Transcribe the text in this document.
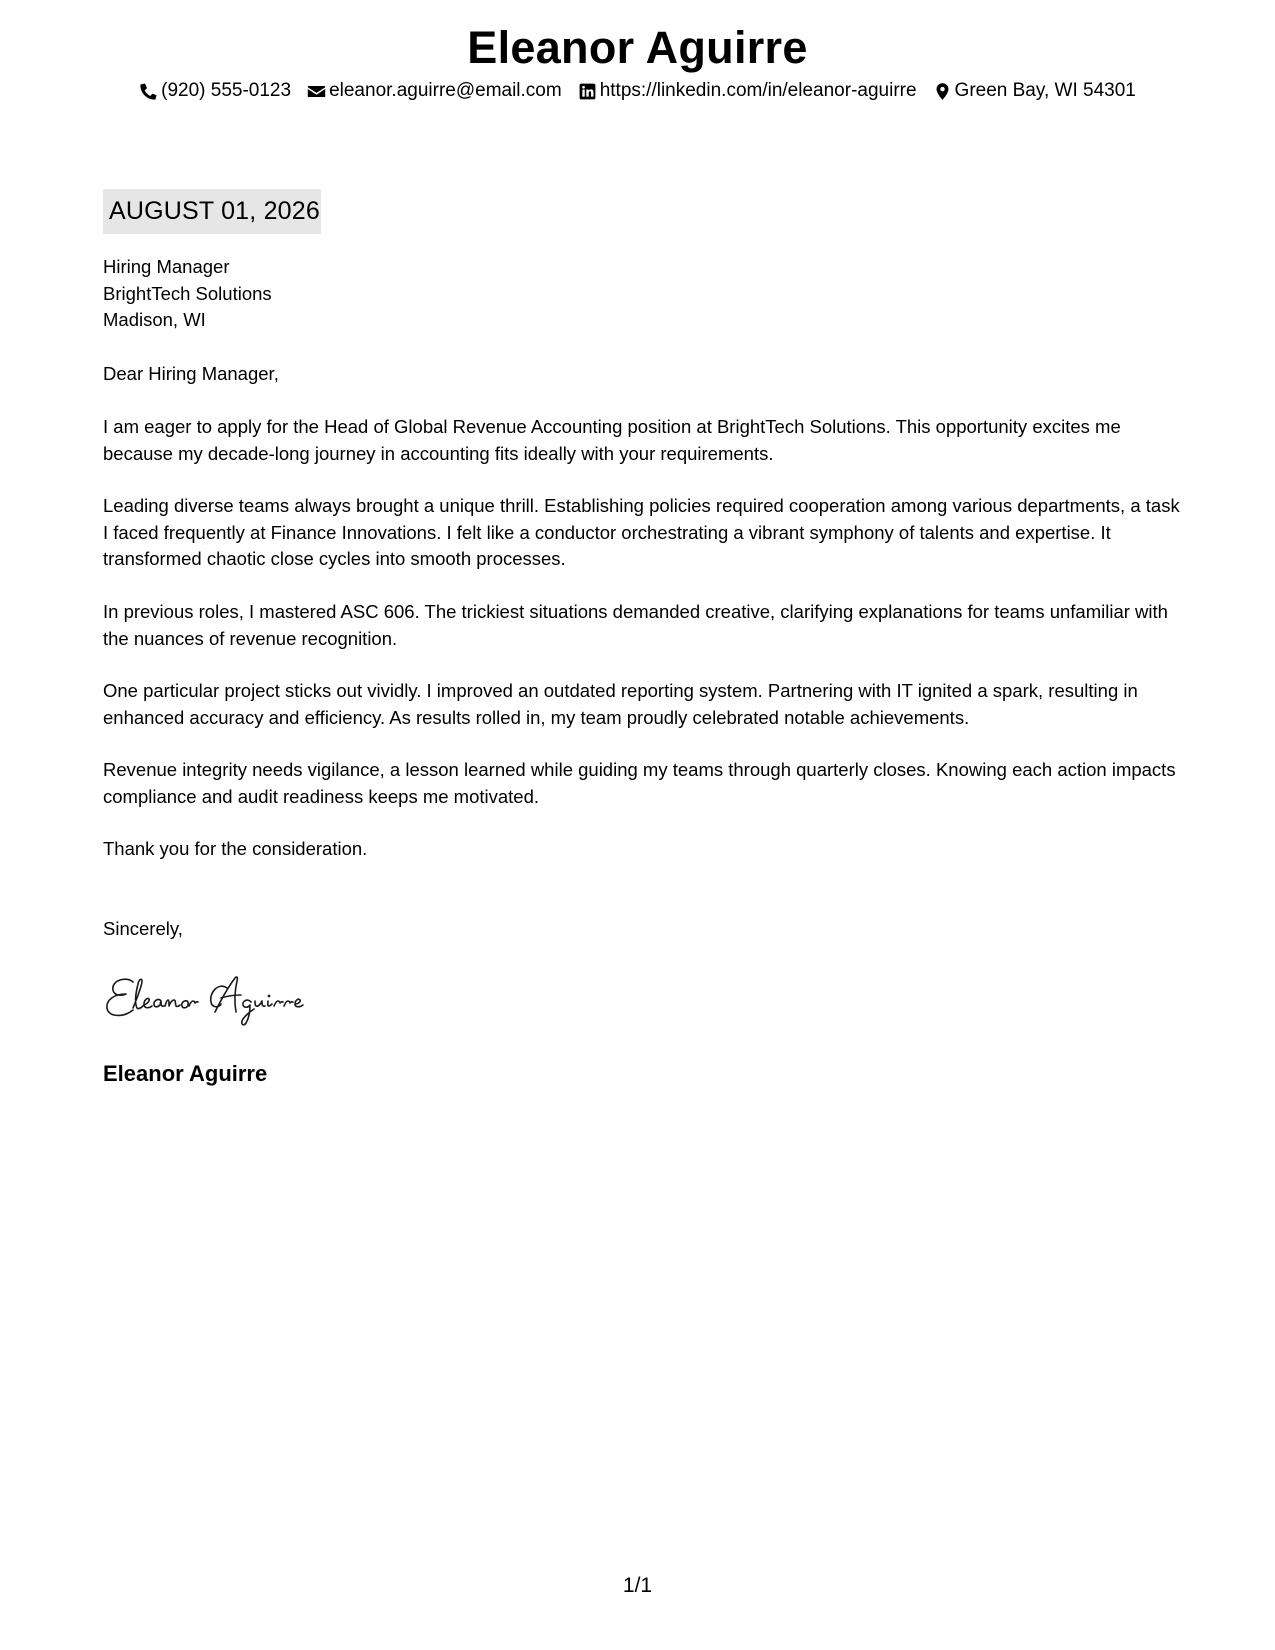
Eleanor Aguirre
(920) 555-0123 eleanor.aguirre@email.com https://linkedin.com/in/eleanor-aguirre Green Bay, WI 54301
AUGUST 01, 2026
Hiring Manager
BrightTech Solutions
Madison, WI
Dear Hiring Manager,
I am eager to apply for the Head of Global Revenue Accounting position at BrightTech Solutions. This opportunity excites me because my decade-long journey in accounting fits ideally with your requirements.
Leading diverse teams always brought a unique thrill. Establishing policies required cooperation among various departments, a task I faced frequently at Finance Innovations. I felt like a conductor orchestrating a vibrant symphony of talents and expertise. It transformed chaotic close cycles into smooth processes.
In previous roles, I mastered ASC 606. The trickiest situations demanded creative, clarifying explanations for teams unfamiliar with the nuances of revenue recognition.
One particular project sticks out vividly. I improved an outdated reporting system. Partnering with IT ignited a spark, resulting in enhanced accuracy and efficiency. As results rolled in, my team proudly celebrated notable achievements.
Revenue integrity needs vigilance, a lesson learned while guiding my teams through quarterly closes. Knowing each action impacts compliance and audit readiness keeps me motivated.
Thank you for the consideration.
Sincerely,
Eleanor Aguirre
1/1
